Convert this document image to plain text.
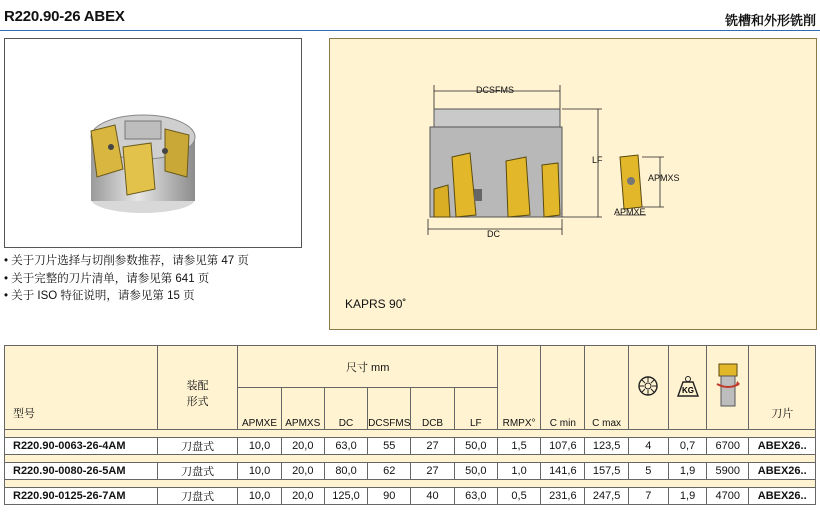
R220.90-26 ABEX	铣槽和外形铣削
• 关于刀片选择与切削参数推荐，请参见第 47 页
• 关于完整的刀片清单，请参见第 641 页
• 关于 ISO 特征说明，请参见第 15 页
DCSFMS
LF
DC
APMXS
APMXE
KAPRS 90˚
型号	装配
形式	尺寸 mm										KG		刀片
		APMXE	APMXS	DC	DCSFMS	DCB	LF	RMPX°	C min	C max				

R220.90-0063-26-4AM	刀盘式	10,0	20,0	63,0	55	27	50,0	1,5	107,6	123,5	4	0,7	6700	ABEX26..

R220.90-0080-26-5AM	刀盘式	10,0	20,0	80,0	62	27	50,0	1,0	141,6	157,5	5	1,9	5900	ABEX26..

R220.90-0125-26-7AM	刀盘式	10,0	20,0	125,0	90	40	63,0	0,5	231,6	247,5	7	1,9	4700	ABEX26..
